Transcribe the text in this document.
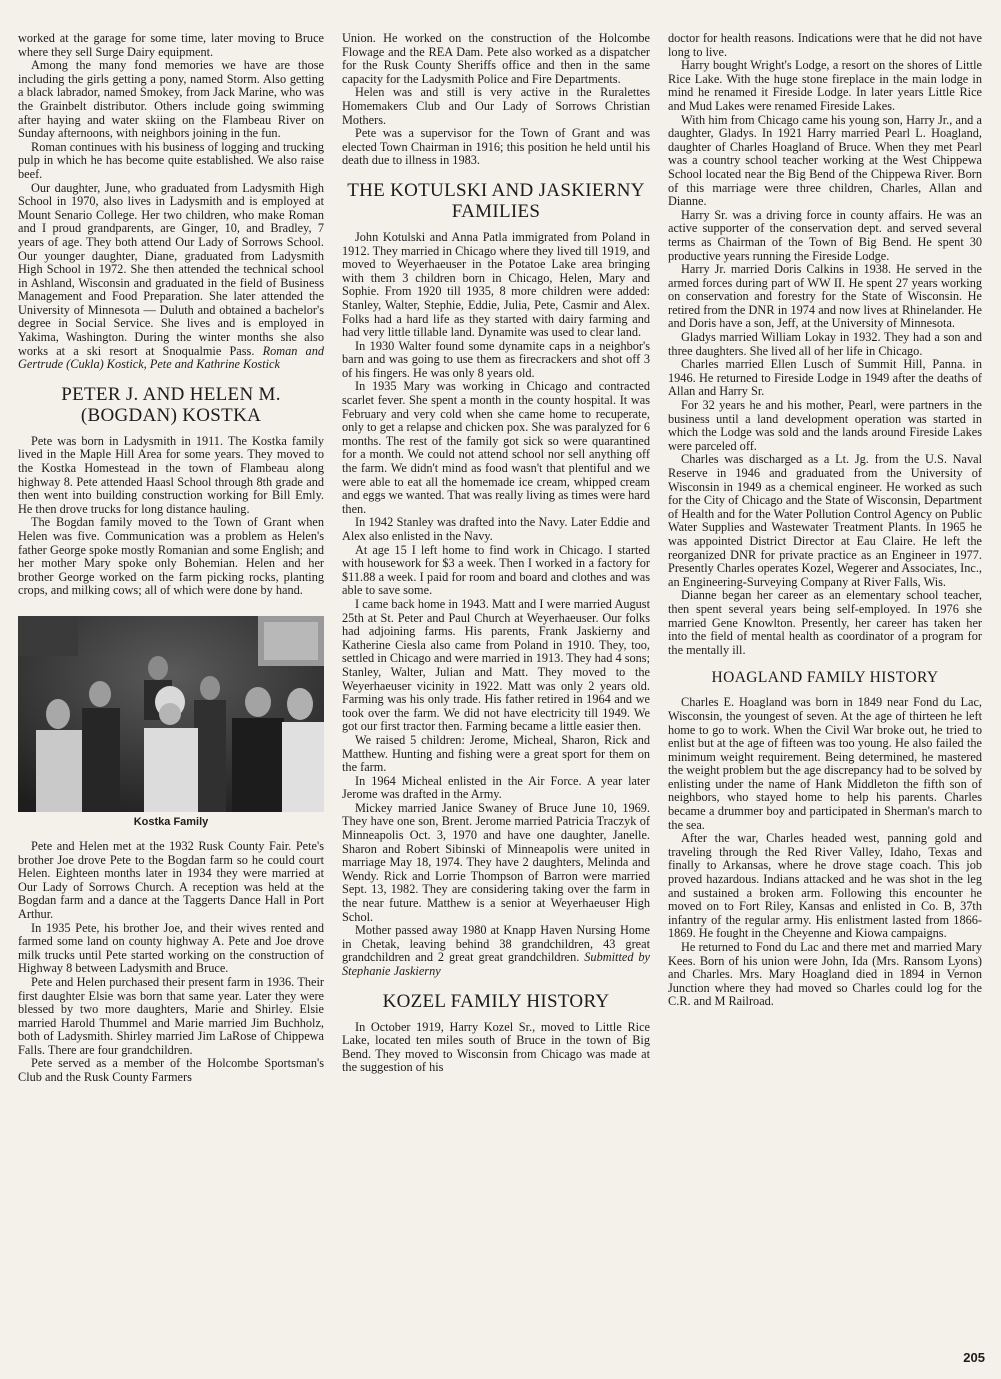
worked at the garage for some time, later moving to Bruce where they sell Surge Dairy equipment.

Among the many fond memories we have are those including the girls getting a pony, named Storm. Also getting a black labrador, named Smokey, from Jack Marine, who was the Grainbelt distributor. Others include going swimming after haying and water skiing on the Flambeau River on Sunday afternoons, with neighbors joining in the fun.

Roman continues with his business of logging and trucking pulp in which he has become quite established. We also raise beef.

Our daughter, June, who graduated from Ladysmith High School in 1970, also lives in Ladysmith and is employed at Mount Senario College. Her two children, who make Roman and I proud grandparents, are Ginger, 10, and Bradley, 7 years of age. They both attend Our Lady of Sorrows School. Our younger daughter, Diane, graduated from Ladysmith High School in 1972. She then attended the technical school in Ashland, Wisconsin and graduated in the field of Business Management and Food Preparation. She later attended the University of Minnesota — Duluth and obtained a bachelor's degree in Social Service. She lives and is employed in Yakima, Washington. During the winter months she also works at a ski resort at Snoqualmie Pass. Roman and Gertrude (Cukla) Kostick, Pete and Kathrine Kostick

PETER J. AND HELEN M. (BOGDAN) KOSTKA

Pete was born in Ladysmith in 1911. The Kostka family lived in the Maple Hill Area for some years. They moved to the Kostka Homestead in the town of Flambeau along highway 8. Pete attended Haasl School through 8th grade and then went into building construction working for Bill Emly. He then drove trucks for long distance hauling.

The Bogdan family moved to the Town of Grant when Helen was five. Communication was a problem as Helen's father George spoke mostly Romanian and some English; and her mother Mary spoke only Bohemian. Helen and her brother George worked on the farm picking rocks, planting crops, and milking cows; all of which were done by hand.

Kostka Family

Pete and Helen met at the 1932 Rusk County Fair. Pete's brother Joe drove Pete to the Bogdan farm so he could court Helen. Eighteen months later in 1934 they were married at Our Lady of Sorrows Church. A reception was held at the Bogdan farm and a dance at the Taggerts Dance Hall in Port Arthur.

In 1935 Pete, his brother Joe, and their wives rented and farmed some land on county highway A. Pete and Joe drove milk trucks until Pete started working on the construction of Highway 8 between Ladysmith and Bruce.

Pete and Helen purchased their present farm in 1936. Their first daughter Elsie was born that same year. Later they were blessed by two more daughters, Marie and Shirley. Elsie married Harold Thummel and Marie married Jim Buchholz, both of Ladysmith. Shirley married Jim LaRose of Chippewa Falls. There are four grandchildren.

Pete served as a member of the Holcombe Sportsman's Club and the Rusk County Farmers

Union. He worked on the construction of the Holcombe Flowage and the REA Dam. Pete also worked as a dispatcher for the Rusk County Sheriffs office and then in the same capacity for the Ladysmith Police and Fire Departments.

Helen was and still is very active in the Ruralettes Homemakers Club and Our Lady of Sorrows Christian Mothers.

Pete was a supervisor for the Town of Grant and was elected Town Chairman in 1916; this position he held until his death due to illness in 1983.

THE KOTULSKI AND JASKIERNY FAMILIES

John Kotulski and Anna Patla immigrated from Poland in 1912. They married in Chicago where they lived till 1919, and moved to Weyerhaeuser in the Potatoe Lake area bringing with them 3 children born in Chicago, Helen, Mary and Sophie. From 1920 till 1935, 8 more children were added: Stanley, Walter, Stephie, Eddie, Julia, Pete, Casmir and Alex. Folks had a hard life as they started with dairy farming and had very little tillable land. Dynamite was used to clear land.

In 1930 Walter found some dynamite caps in a neighbor's barn and was going to use them as firecrackers and shot off 3 of his fingers. He was only 8 years old.

In 1935 Mary was working in Chicago and contracted scarlet fever. She spent a month in the county hospital. It was February and very cold when she came home to recuperate, only to get a relapse and chicken pox. She was paralyzed for 6 months. The rest of the family got sick so were quarantined for a month. We could not attend school nor sell anything off the farm. We didn't mind as food wasn't that plentiful and we were able to eat all the homemade ice cream, whipped cream and eggs we wanted. That was really living as times were hard then.

In 1942 Stanley was drafted into the Navy. Later Eddie and Alex also enlisted in the Navy.

At age 15 I left home to find work in Chicago. I started with housework for $3 a week. Then I worked in a factory for $11.88 a week. I paid for room and board and clothes and was able to save some.

I came back home in 1943. Matt and I were married August 25th at St. Peter and Paul Church at Weyerhaeuser. Our folks had adjoining farms. His parents, Frank Jaskierny and Katherine Ciesla also came from Poland in 1910. They, too, settled in Chicago and were married in 1913. They had 4 sons; Stanley, Walter, Julian and Matt. They moved to the Weyerhaeuser vicinity in 1922. Matt was only 2 years old. Farming was his only trade. His father retired in 1964 and we took over the farm. We did not have electricity till 1949. We got our first tractor then. Farming became a little easier then.

We raised 5 children: Jerome, Micheal, Sharon, Rick and Matthew. Hunting and fishing were a great sport for them on the farm.

In 1964 Micheal enlisted in the Air Force. A year later Jerome was drafted in the Army.

Mickey married Janice Swaney of Bruce June 10, 1969. They have one son, Brent. Jerome married Patricia Traczyk of Minneapolis Oct. 3, 1970 and have one daughter, Janelle. Sharon and Robert Sibinski of Minneapolis were united in marriage May 18, 1974. They have 2 daughters, Melinda and Wendy. Rick and Lorrie Thompson of Barron were married Sept. 13, 1982. They are considering taking over the farm in the near future. Matthew is a senior at Weyerhaeuser High Schol.

Mother passed away 1980 at Knapp Haven Nursing Home in Chetak, leaving behind 38 grandchildren, 43 great grandchildren and 2 great great grandchildren. Submitted by Stephanie Jaskierny

KOZEL FAMILY HISTORY

In October 1919, Harry Kozel Sr., moved to Little Rice Lake, located ten miles south of Bruce in the town of Big Bend. They moved to Wisconsin from Chicago was made at the suggestion of his

doctor for health reasons. Indications were that he did not have long to live.

Harry bought Wright's Lodge, a resort on the shores of Little Rice Lake. With the huge stone fireplace in the main lodge in mind he renamed it Fireside Lodge. In later years Little Rice and Mud Lakes were renamed Fireside Lakes.

With him from Chicago came his young son, Harry Jr., and a daughter, Gladys. In 1921 Harry married Pearl L. Hoagland, daughter of Charles Hoagland of Bruce. When they met Pearl was a country school teacher working at the West Chippewa School located near the Big Bend of the Chippewa River. Born of this marriage were three children, Charles, Allan and Dianne.

Harry Sr. was a driving force in county affairs. He was an active supporter of the conservation dept. and served several terms as Chairman of the Town of Big Bend. He spent 30 productive years running the Fireside Lodge.

Harry Jr. married Doris Calkins in 1938. He served in the armed forces during part of WW II. He spent 27 years working on conservation and forestry for the State of Wisconsin. He retired from the DNR in 1974 and now lives at Rhinelander. He and Doris have a son, Jeff, at the University of Minnesota.

Gladys married William Lokay in 1932. They had a son and three daughters. She lived all of her life in Chicago.

Charles married Ellen Lusch of Summit Hill, Panna. in 1946. He returned to Fireside Lodge in 1949 after the deaths of Allan and Harry Sr.

For 32 years he and his mother, Pearl, were partners in the business until a land development operation was started in which the Lodge was sold and the lands around Fireside Lakes were parceled off.

Charles was discharged as a Lt. Jg. from the U.S. Naval Reserve in 1946 and graduated from the University of Wisconsin in 1949 as a chemical engineer. He worked as such for the City of Chicago and the State of Wisconsin, Department of Health and for the Water Pollution Control Agency on Public Water Supplies and Wastewater Treatment Plants. In 1965 he was appointed District Director at Eau Claire. He left the reorganized DNR for private practice as an Engineer in 1977. Presently Charles operates Kozel, Wegerer and Associates, Inc., an Engineering-Surveying Company at River Falls, Wis.

Dianne began her career as an elementary school teacher, then spent several years being self-employed. In 1976 she married Gene Knowlton. Presently, her career has taken her into the field of mental health as coordinator of a program for the mentally ill.

HOAGLAND FAMILY HISTORY

Charles E. Hoagland was born in 1849 near Fond du Lac, Wisconsin, the youngest of seven. At the age of thirteen he left home to go to work. When the Civil War broke out, he tried to enlist but at the age of fifteen was too young. He also failed the minimum weight requirement. Being determined, he mastered the weight problem but the age discrepancy had to be solved by enlisting under the name of Hank Middleton the fifth son of neighbors, who stayed home to help his parents. Charles became a drummer boy and participated in Sherman's march to the sea.

After the war, Charles headed west, panning gold and traveling through the Red River Valley, Idaho, Texas and finally to Arkansas, where he drove stage coach. This job proved hazardous. Indians attacked and he was shot in the leg and sustained a broken arm. Following this encounter he moved on to Fort Riley, Kansas and enlisted in Co. B, 37th infantry of the regular army. His enlistment lasted from 1866-1869. He fought in the Cheyenne and Kiowa campaigns.

He returned to Fond du Lac and there met and married Mary Kees. Born of his union were John, Ida (Mrs. Ransom Lyons) and Charles. Mrs. Mary Hoagland died in 1894 in Vernon Junction where they had moved so Charles could log for the C.R. and M Railroad.

205
